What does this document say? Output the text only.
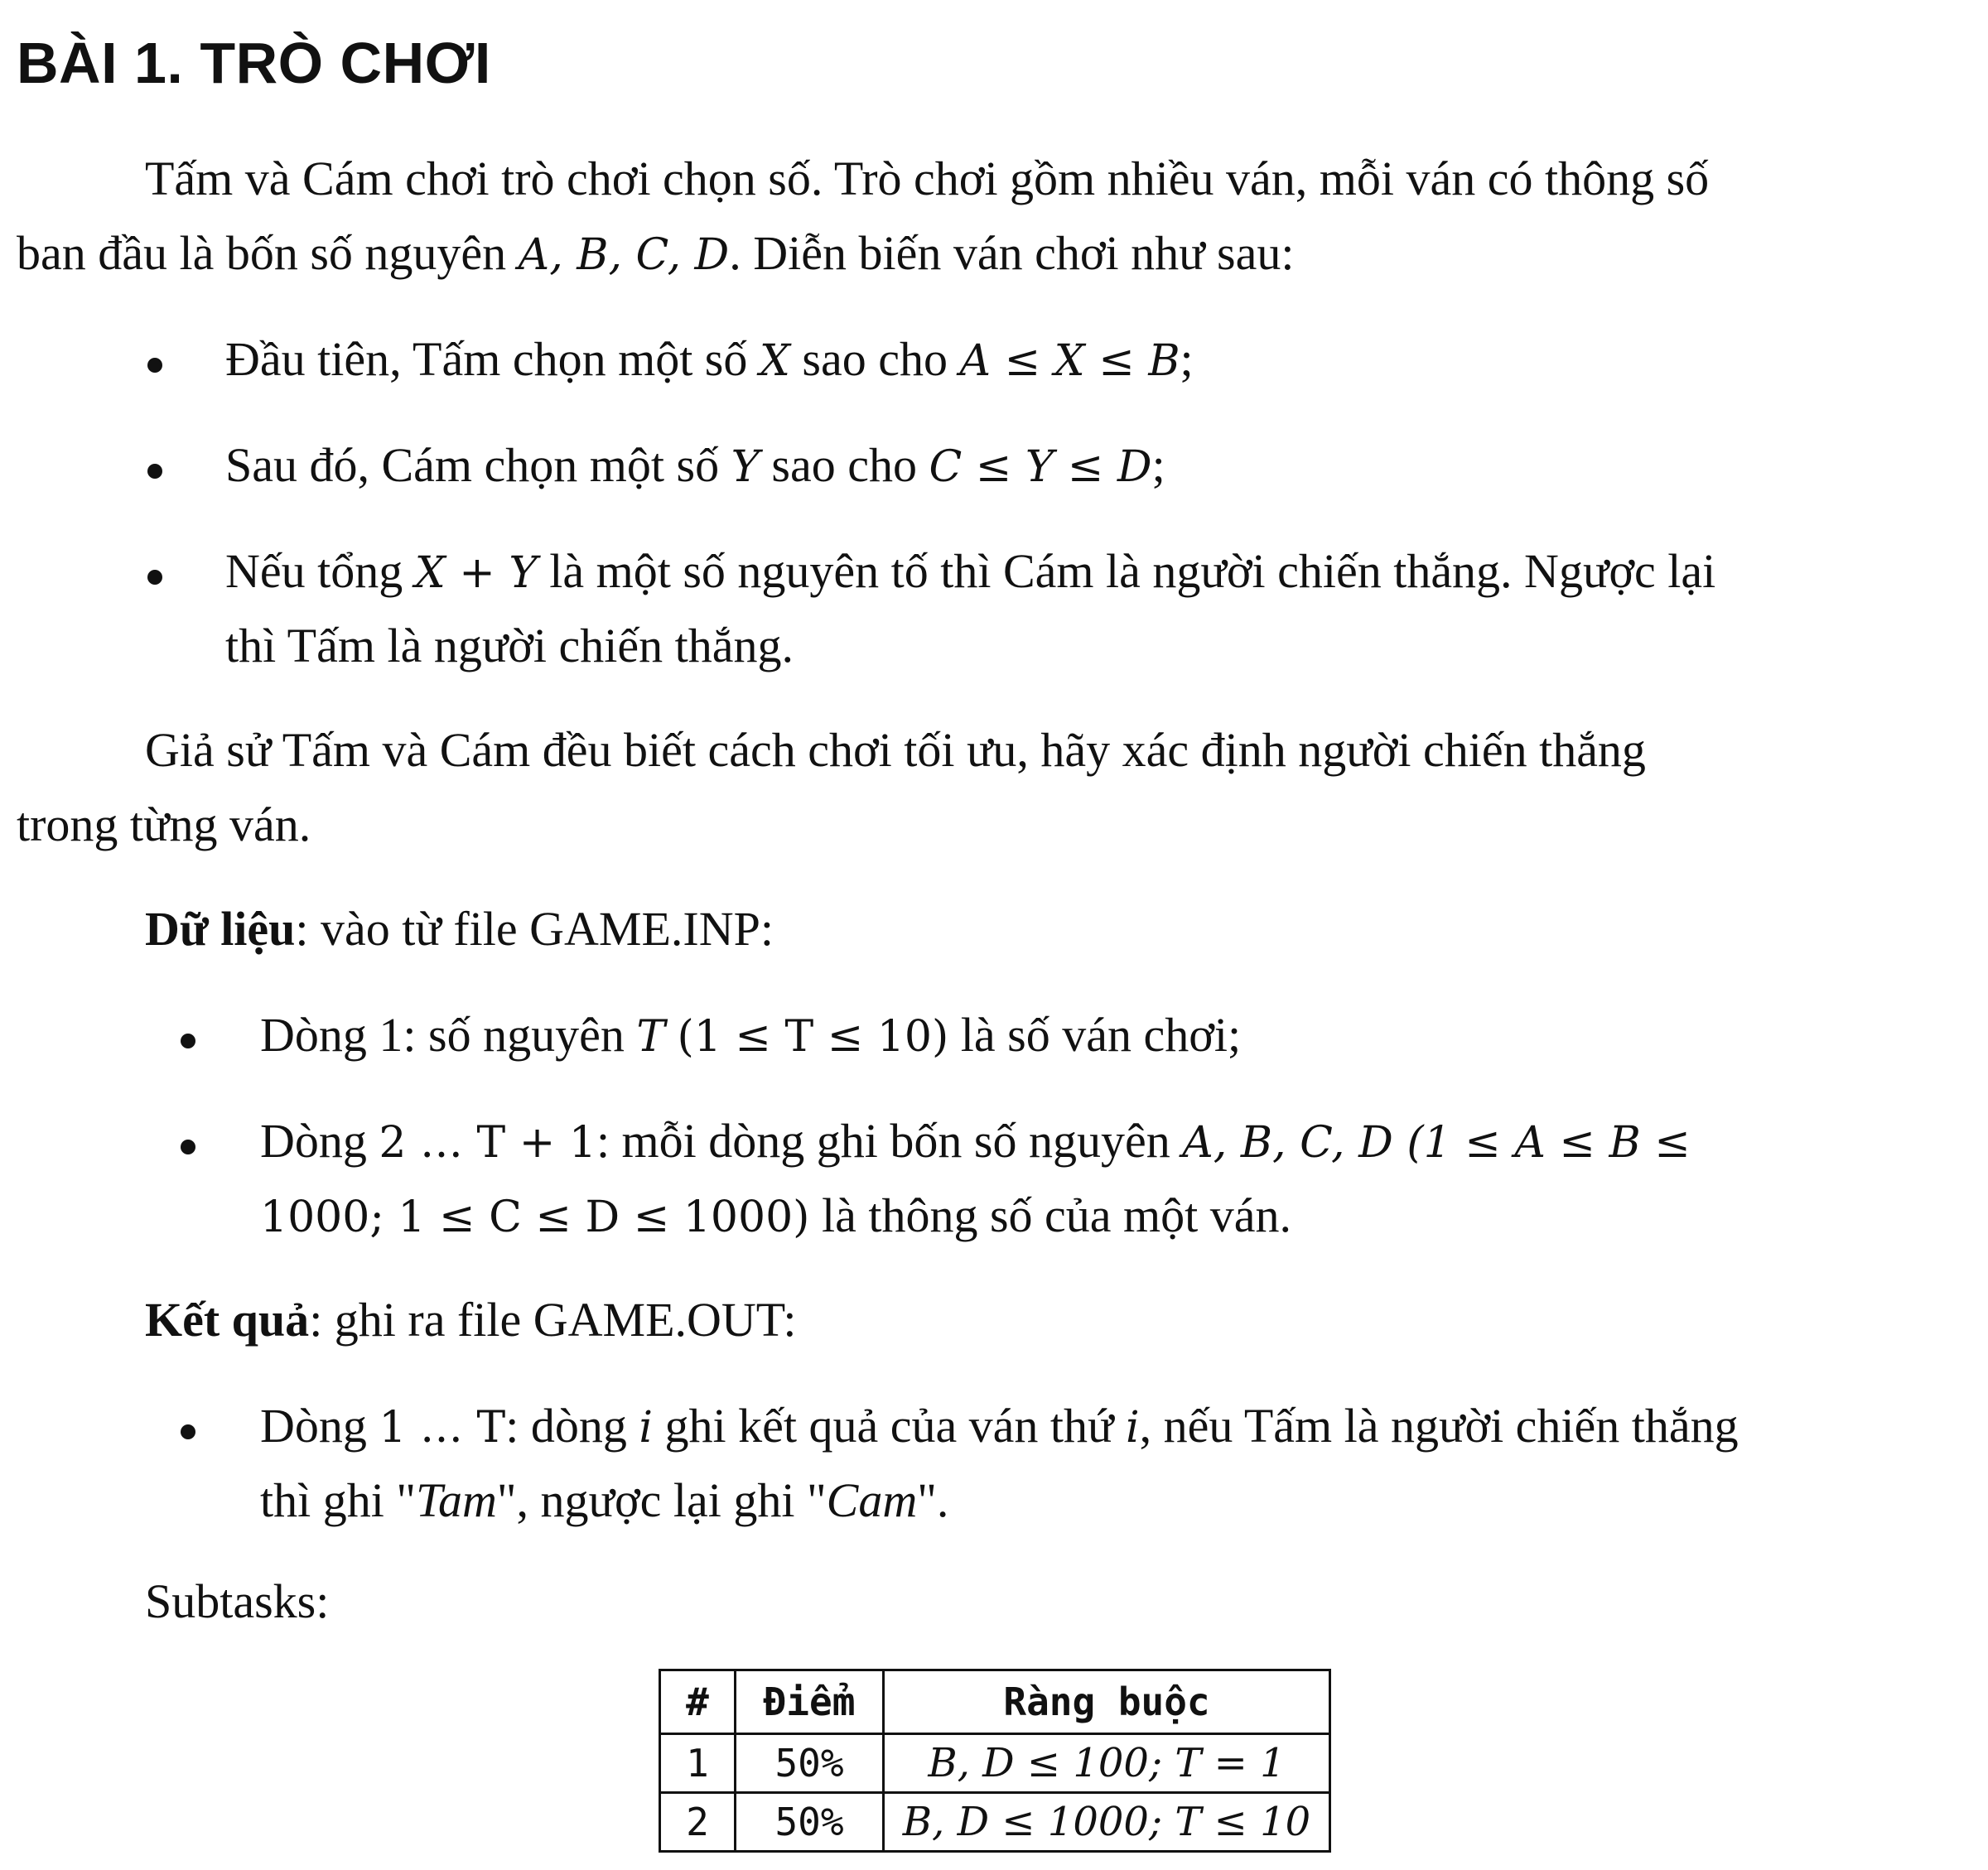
BÀI 1. TRÒ CHƠI

Tấm và Cám chơi trò chơi chọn số. Trò chơi gồm nhiều ván, mỗi ván có thông số

ban đầu là bốn số nguyên A, B, C, D. Diễn biến ván chơi như sau:

Đầu tiên, Tấm chọn một số X sao cho A ≤ X ≤ B;

Sau đó, Cám chọn một số Y sao cho C ≤ Y ≤ D;

Nếu tổng X + Y là một số nguyên tố thì Cám là người chiến thắng. Ngược lại

thì Tấm là người chiến thắng.

Giả sử Tấm và Cám đều biết cách chơi tối ưu, hãy xác định người chiến thắng

trong từng ván.

Dữ liệu: vào từ file GAME.INP:

Dòng 1: số nguyên T (1 ≤ T ≤ 10) là số ván chơi;

Dòng 2 … T + 1: mỗi dòng ghi bốn số nguyên A, B, C, D (1 ≤ A ≤ B ≤

1000; 1 ≤ C ≤ D ≤ 1000) là thông số của một ván.

Kết quả: ghi ra file GAME.OUT:

Dòng 1 … T: dòng i ghi kết quả của ván thứ i, nếu Tấm là người chiến thắng

thì ghi "Tam", ngược lại ghi "Cam".

Subtasks:

#	Điểm	Ràng buộc
1	50%	B, D ≤ 100; T = 1
2	50%	B, D ≤ 1000; T ≤ 10
